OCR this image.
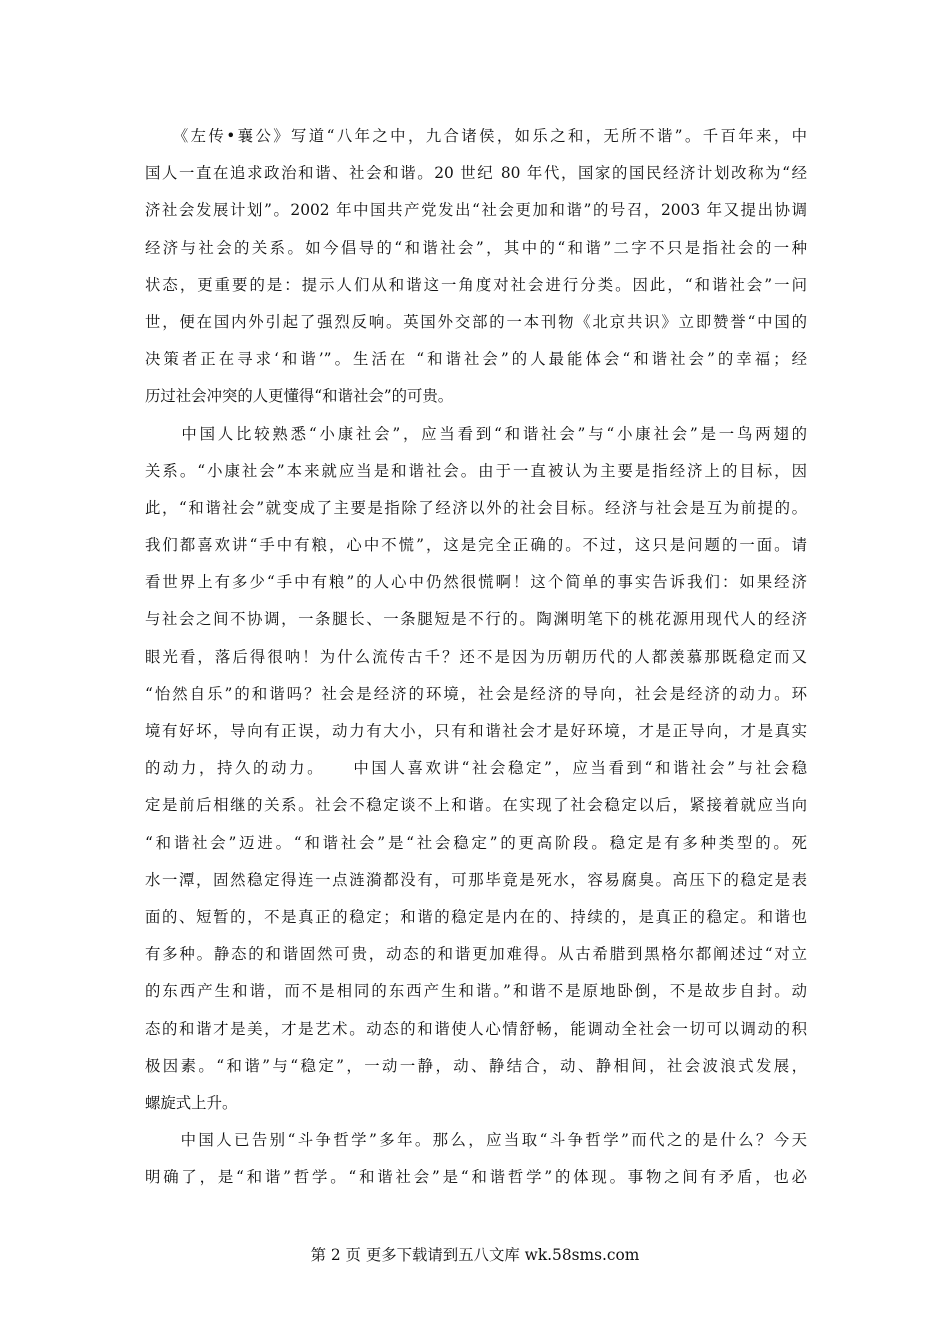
　　《左传•襄公》写道“八年之中，九合诸侯，如乐之和，无所不谐”。千百年来，中
国人一直在追求政治和谐、社会和谐。20 世纪 80 年代，国家的国民经济计划改称为“经
济社会发展计划”。2002 年中国共产党发出“社会更加和谐”的号召，2003 年又提出协调
经济与社会的关系。如今倡导的“和谐社会”，其中的“和谐”二字不只是指社会的一种
状态，更重要的是：提示人们从和谐这一角度对社会进行分类。因此，“和谐社会”一问
世，便在国内外引起了强烈反响。英国外交部的一本刊物《北京共识》立即赞誉“中国的
决策者正在寻求‘和谐’”。生活在 “和谐社会”的人最能体会“和谐社会”的幸福；经
历过社会冲突的人更懂得“和谐社会”的可贵。
　　中国人比较熟悉“小康社会”，应当看到“和谐社会”与“小康社会”是一鸟两翅的
关系。“小康社会”本来就应当是和谐社会。由于一直被认为主要是指经济上的目标，因
此，“和谐社会”就变成了主要是指除了经济以外的社会目标。经济与社会是互为前提的。
我们都喜欢讲“手中有粮，心中不慌”，这是完全正确的。不过，这只是问题的一面。请
看世界上有多少“手中有粮”的人心中仍然很慌啊！这个简单的事实告诉我们：如果经济
与社会之间不协调，一条腿长、一条腿短是不行的。陶渊明笔下的桃花源用现代人的经济
眼光看，落后得很呐！为什么流传古千？还不是因为历朝历代的人都羡慕那既稳定而又
“怡然自乐”的和谐吗？社会是经济的环境，社会是经济的导向，社会是经济的动力。环
境有好坏，导向有正误，动力有大小，只有和谐社会才是好环境，才是正导向，才是真实
的动力，持久的动力。　　中国人喜欢讲“社会稳定”，应当看到“和谐社会”与社会稳
定是前后相继的关系。社会不稳定谈不上和谐。在实现了社会稳定以后，紧接着就应当向
“和谐社会”迈进。“和谐社会”是“社会稳定”的更高阶段。稳定是有多种类型的。死
水一潭，固然稳定得连一点涟漪都没有，可那毕竟是死水，容易腐臭。高压下的稳定是表
面的、短暂的，不是真正的稳定；和谐的稳定是内在的、持续的，是真正的稳定。和谐也
有多种。静态的和谐固然可贵，动态的和谐更加难得。从古希腊到黑格尔都阐述过“对立
的东西产生和谐，而不是相同的东西产生和谐。”和谐不是原地卧倒，不是故步自封。动
态的和谐才是美，才是艺术。动态的和谐使人心情舒畅，能调动全社会一切可以调动的积
极因素。“和谐”与“稳定”，一动一静，动、静结合，动、静相间，社会波浪式发展，
螺旋式上升。
　　中国人已告别“斗争哲学”多年。那么，应当取“斗争哲学”而代之的是什么？今天
明确了，是“和谐”哲学。“和谐社会”是“和谐哲学”的体现。事物之间有矛盾，也必
第 2 页 更多下载请到五八文库 wk.58sms.com
